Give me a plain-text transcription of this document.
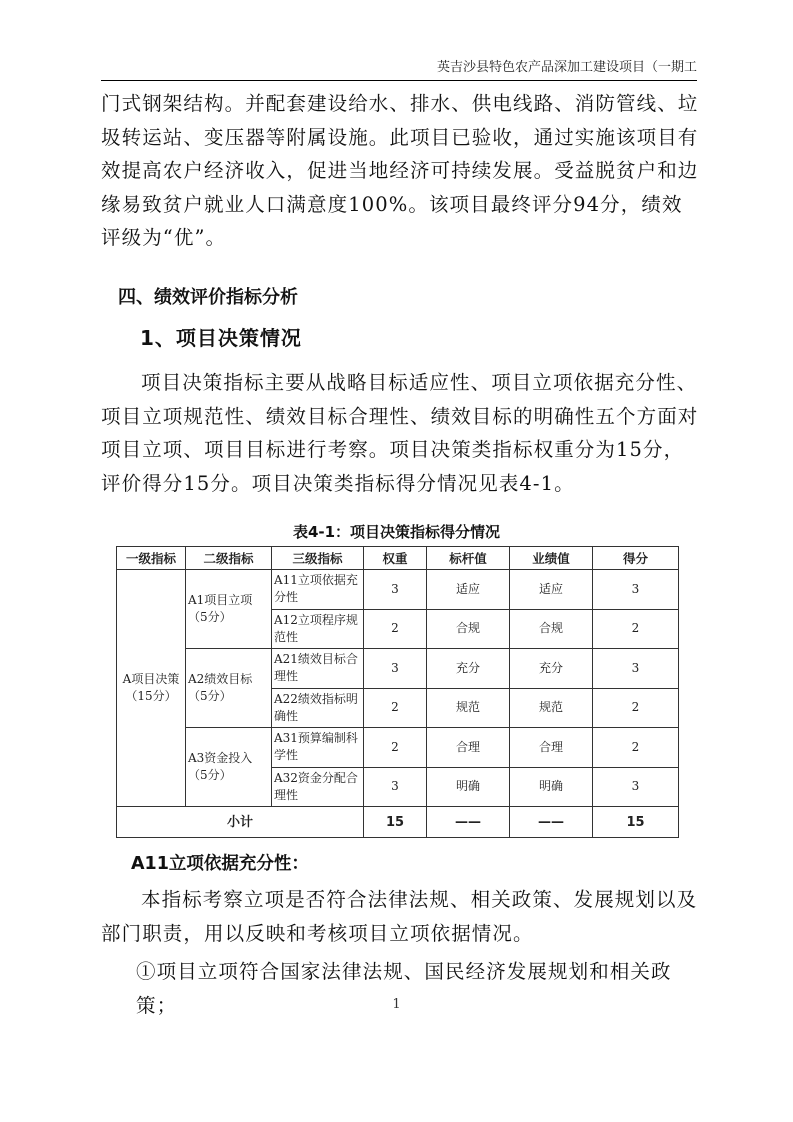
英吉沙县特色农产品深加工建设项目（一期工

门式钢架结构。并配套建设给水、排水、供电线路、消防管线、垃圾转运站、变压器等附属设施。此项目已验收，通过实施该项目有效提高农户经济收入，促进当地经济可持续发展。受益脱贫户和边缘易致贫户就业人口满意度100%。该项目最终评分94分，绩效评级为“优”。

四、绩效评价指标分析
1、项目决策情况

项目决策指标主要从战略目标适应性、项目立项依据充分性、项目立项规范性、绩效目标合理性、绩效目标的明确性五个方面对项目立项、项目目标进行考察。项目决策类指标权重分为15分，评价得分15分。项目决策类指标得分情况见表4-1。

表4-1：项目决策指标得分情况
一级指标	二级指标	三级指标	权重	标杆值	业绩值	得分
A项目决策（15分）	A1项目立项（5分）	A11立项依据充分性	3	适应	适应	3
		A12立项程序规范性	2	合规	合规	2
	A2绩效目标（5分）	A21绩效目标合理性	3	充分	充分	3
		A22绩效指标明确性	2	规范	规范	2
	A3资金投入（5分）	A31预算编制科学性	2	合理	合理	2
		A32资金分配合理性	3	明确	明确	3
小计			15	——	——	15
A11立项依据充分性：

本指标考察立项是否符合法律法规、相关政策、发展规划以及部门职责，用以反映和考核项目立项依据情况。

①项目立项符合国家法律法规、国民经济发展规划和相关政策；	1
